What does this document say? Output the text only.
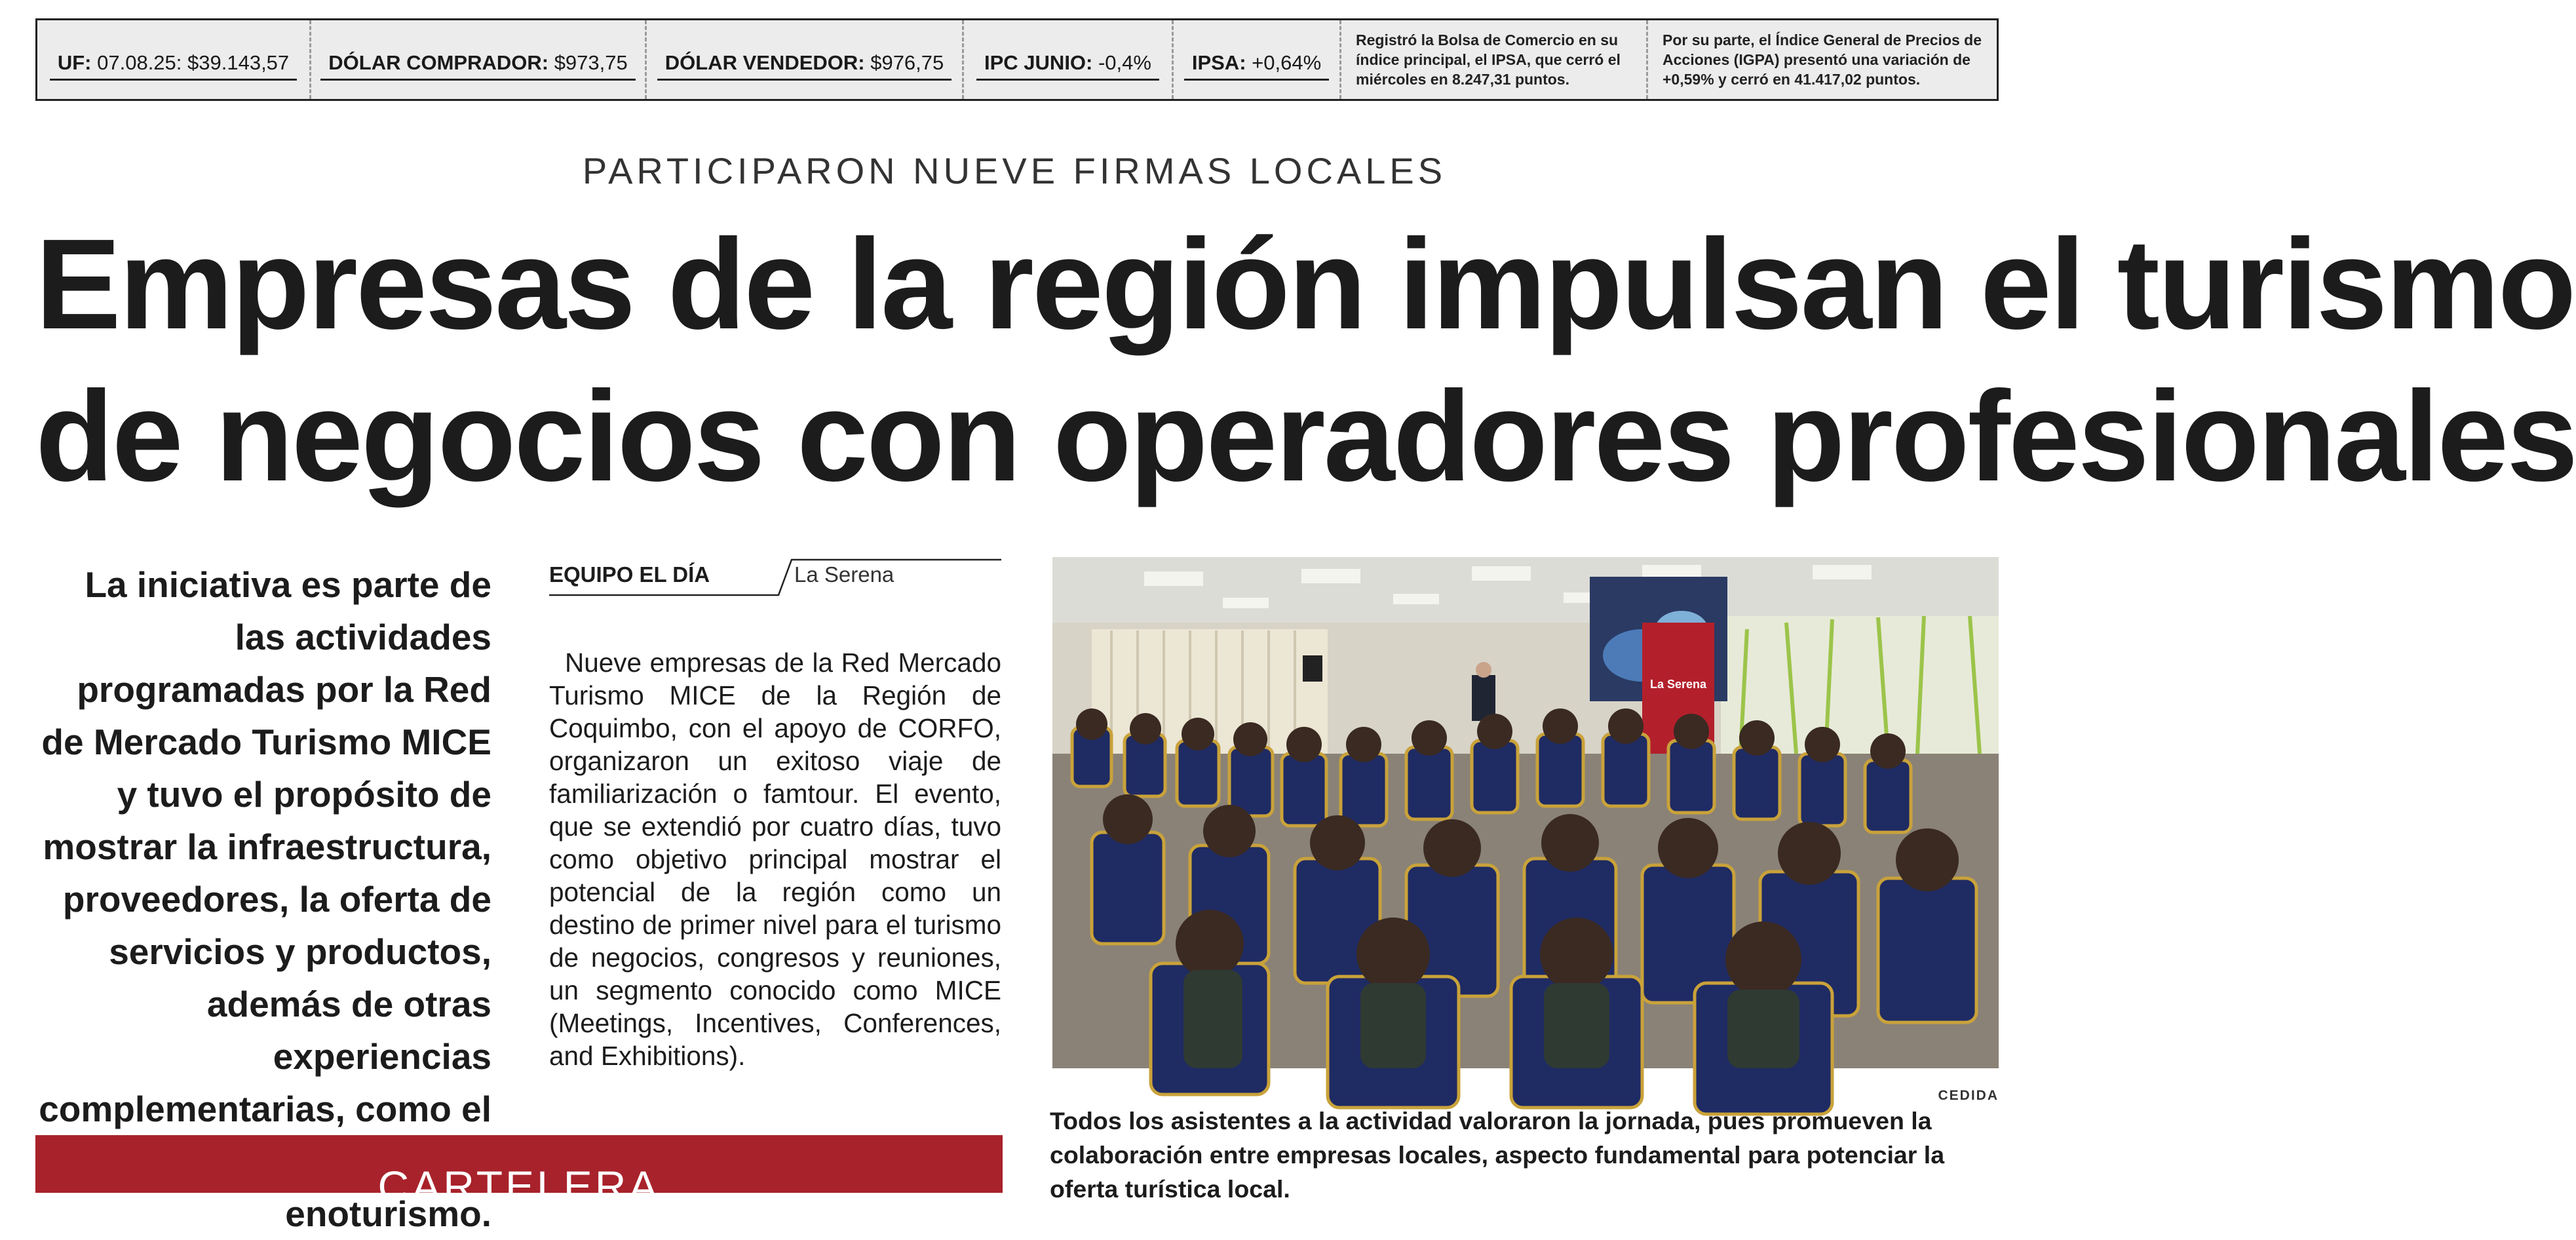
UF: 07.08.25: $39.143,57	DÓLAR COMPRADOR: $973,75	DÓLAR VENDEDOR: $976,75	IPC JUNIO: -0,4%	IPSA: +0,64%
Registró la Bolsa de Comercio en su índice principal, el IPSA, que cerró el miércoles en 8.247,31 puntos.
Por su parte, el Índice General de Precios de Acciones (IGPA) presentó una variación de +0,59% y cerró en 41.417,02 puntos.
PARTICIPARON NUEVE FIRMAS LOCALES
Empresas de la región impulsan el turismo
de negocios con operadores profesionales

La iniciativa es parte de las actividades programadas por la Red de Mercado Turismo MICE y tuvo el propósito de mostrar la infraestructura, proveedores, la oferta de servicios y productos, además de otras experiencias complementarias, como el enoturismo.

EQUIPO EL DÍA	La Serena

Nueve empresas de la Red Mercado Turismo MICE de la Región de Coquimbo, con el apoyo de CORFO, organizaron un exitoso viaje de familiarización o famtour. El evento, que se extendió por cuatro días, tuvo como objetivo principal mostrar el potencial de la región como un destino de primer nivel para el turismo de negocios, congresos y reuniones, un segmento conocido como MICE (Meetings, Incentives, Conferences, and Exhibitions).

La Serena
CEDIDA

Todos los asistentes a la actividad valoraron la jornada, pues promueven la colaboración entre empresas locales, aspecto fundamental para potenciar la oferta turística local.

CARTELERA
